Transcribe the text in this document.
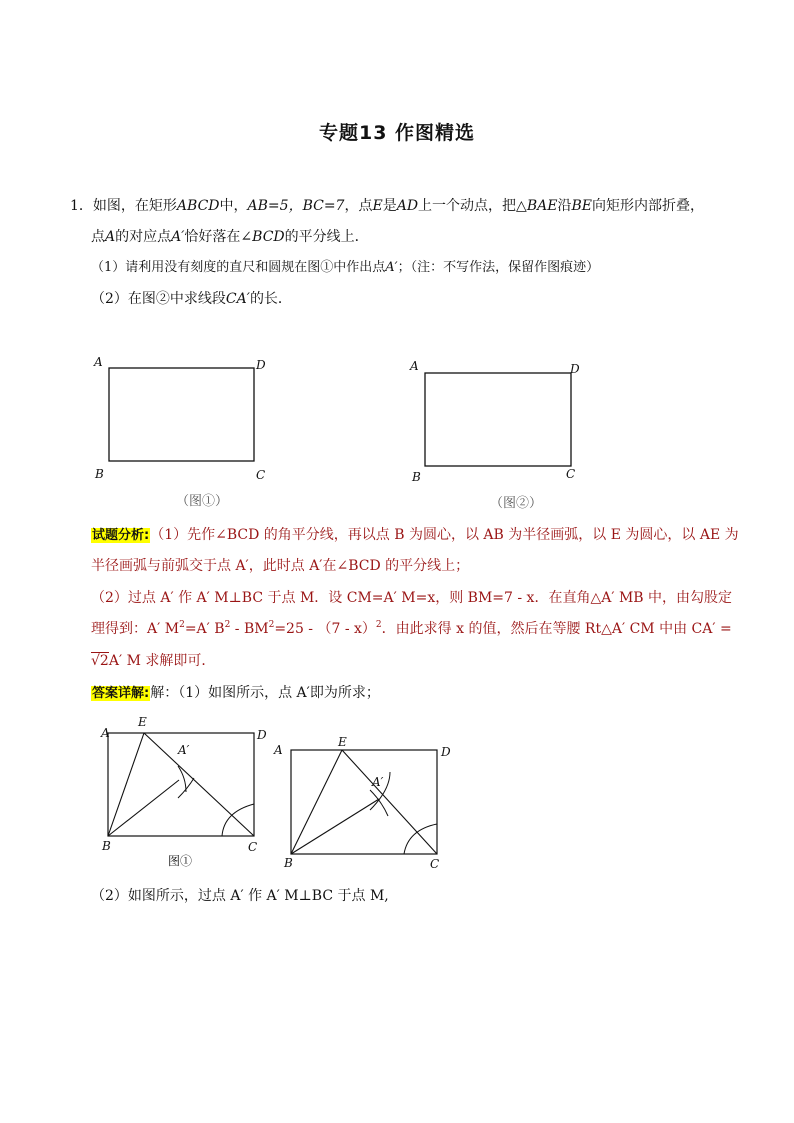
专题13 作图精选
1．如图，在矩形ABCD中，AB=5，BC=7，点E是AD上一个动点，把△BAE沿BE向矩形内部折叠，
点A的对应点A′恰好落在∠BCD的平分线上．
（1）请利用没有刻度的直尺和圆规在图①中作出点A′；（注：不写作法，保留作图痕迹）
（2）在图②中求线段CA′的长．
A	D
B	C
（图①）
A	D
B	C
（图②）
试题分析:（1）先作∠BCD 的角平分线，再以点 B 为圆心，以 AB 为半径画弧，以 E 为圆心，以 AE 为
半径画弧与前弧交于点 A′，此时点 A′在∠BCD 的平分线上；
（2）过点 A′ 作 A′ M⊥BC 于点 M．设 CM=A′ M=x，则 BM=7 - x．在直角△A′ MB 中，由勾股定
理得到：A′ $M^2=A'$ $B^2 - BM^2=25 - (7 - x)^2$．由此求得 x 的值，然后在等腰 Rt△A′ CM 中由 CA′ =
√2A′ M 求解即可．
答案详解:解：（1）如图所示，点 A′即为所求；
A
E
A′
D
B	C
图①
A
E
A′
D
B	C
（2）如图所示，过点 A′ 作 A′ M⊥BC 于点 M,
